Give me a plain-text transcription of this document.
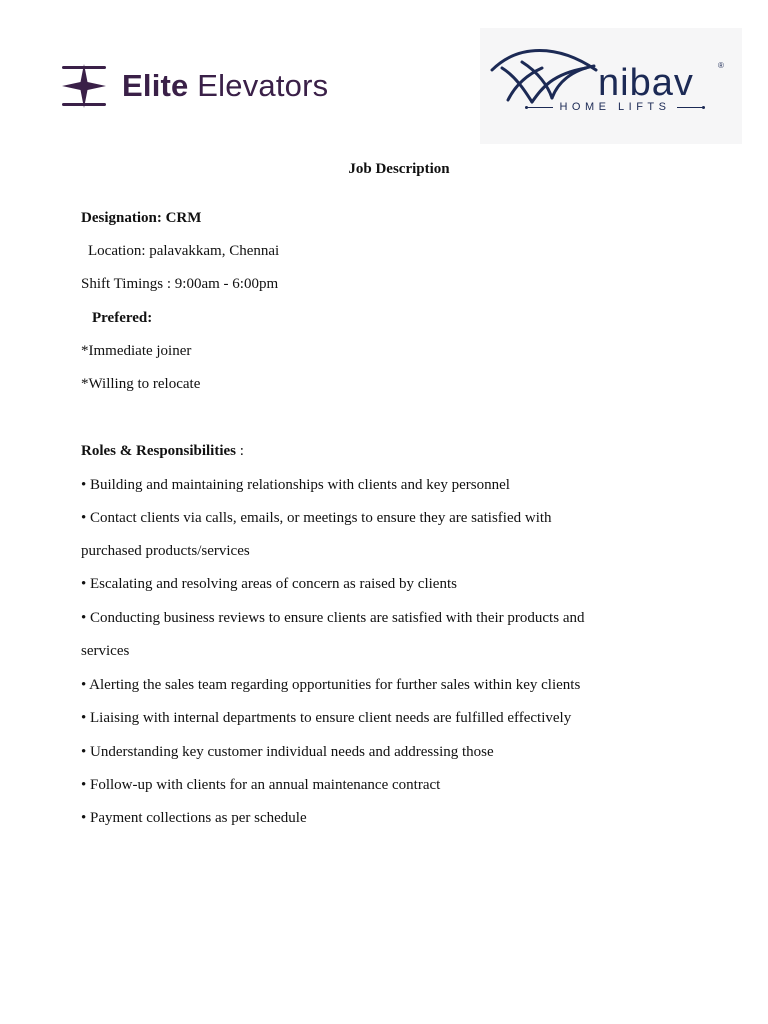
Elite Elevators	nibav	®
HOME LIFTS
Job Description
Designation: CRM
Location: palavakkam, Chennai
Shift Timings : 9:00am - 6:00pm
Prefered:
*Immediate joiner
*Willing to relocate
Roles & Responsibilities :
• Building and maintaining relationships with clients and key personnel
• Contact clients via calls, emails, or meetings to ensure they are satisfied with
purchased products/services
• Escalating and resolving areas of concern as raised by clients
• Conducting business reviews to ensure clients are satisfied with their products and
services
• Alerting the sales team regarding opportunities for further sales within key clients
• Liaising with internal departments to ensure client needs are fulfilled effectively
• Understanding key customer individual needs and addressing those
• Follow-up with clients for an annual maintenance contract
• Payment collections as per schedule
